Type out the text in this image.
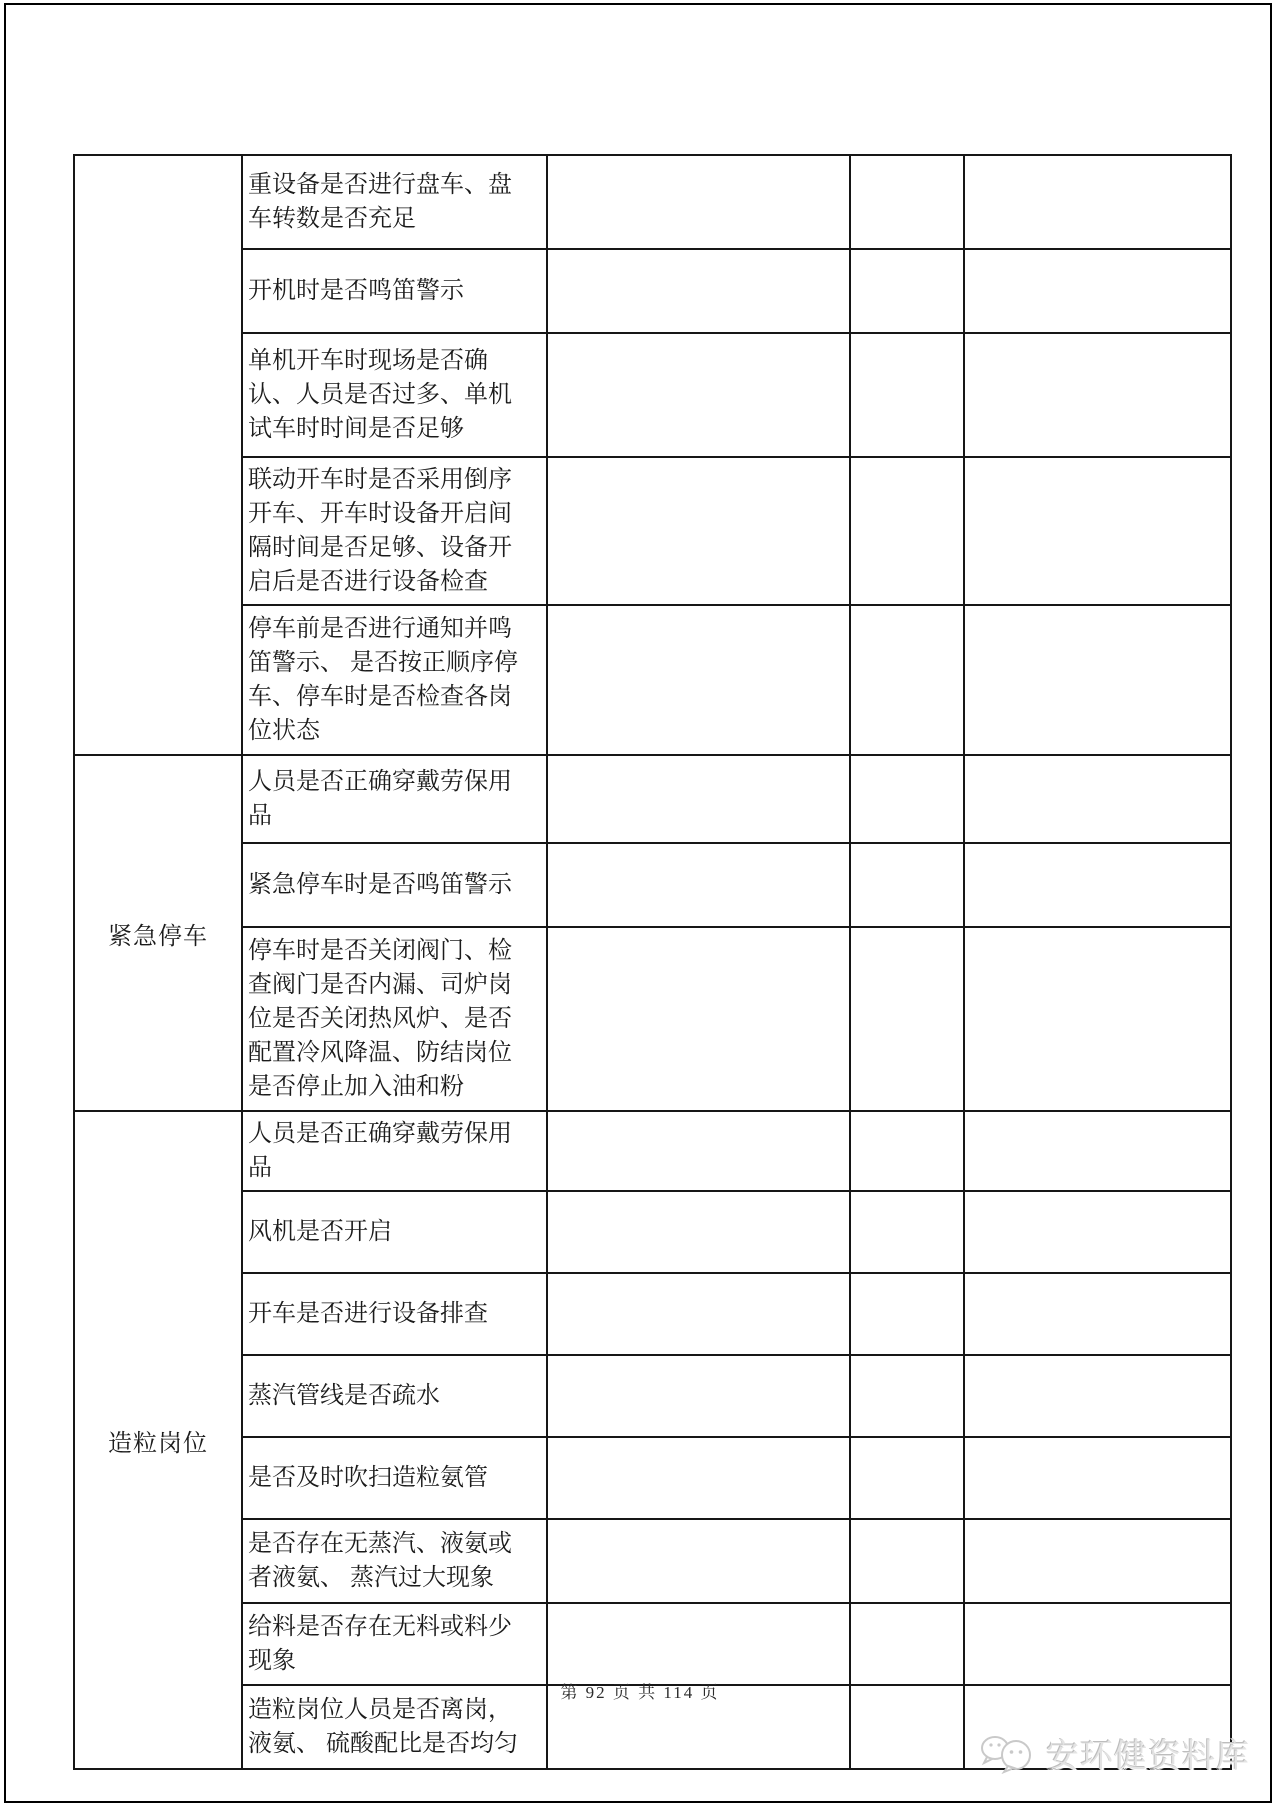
	重设备是否进行盘车、盘车转数是否充足			
	开机时是否鸣笛警示			
	单机开车时现场是否确认、人员是否过多、单机试车时时间是否足够			
	联动开车时是否采用倒序开车、开车时设备开启间隔时间是否足够、设备开启后是否进行设备检查			
	停车前是否进行通知并鸣笛警示、 是否按正顺序停车、停车时是否检查各岗位状态			
紧急停车	人员是否正确穿戴劳保用品			
	紧急停车时是否鸣笛警示			
	停车时是否关闭阀门、检查阀门是否内漏、司炉岗位是否关闭热风炉、是否配置冷风降温、防结岗位是否停止加入油和粉			
造粒岗位	人员是否正确穿戴劳保用品			
	风机是否开启			
	开车是否进行设备排查			
	蒸汽管线是否疏水			
	是否及时吹扫造粒氨管			
	是否存在无蒸汽、液氨或者液氨、 蒸汽过大现象			
	给料是否存在无料或料少现象			
	造粒岗位人员是否离岗，液氨、 硫酸配比是否均匀			
第 92 页 共 114 页
安环健资料库
